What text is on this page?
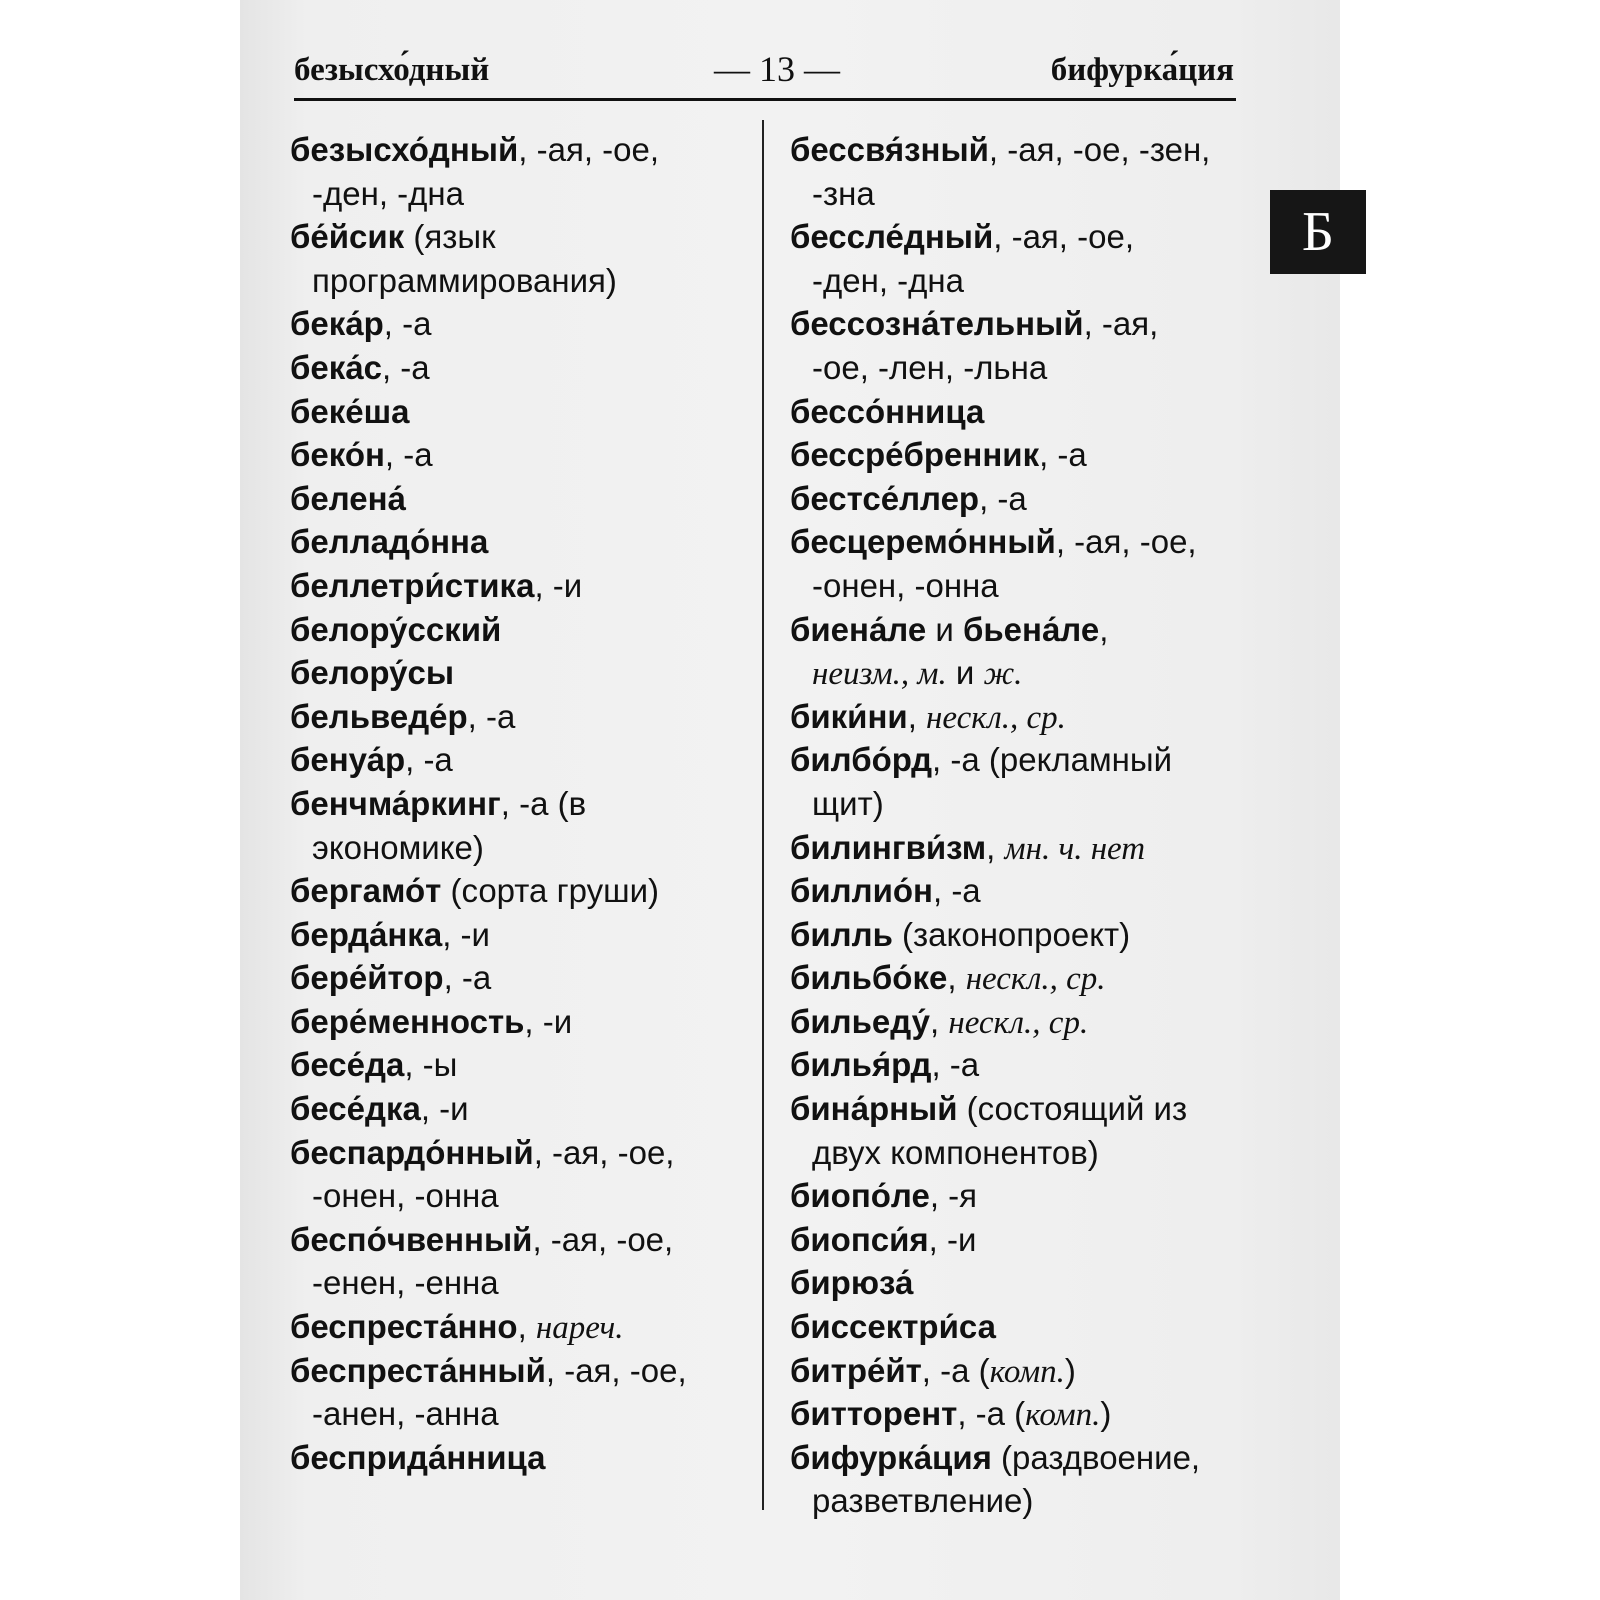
безысхо́дный	— 13 —	бифурка́ция
Б
безысхо́дный, -ая, -ое,
-ден, -дна
бе́йсик (язык
программирования)
бека́р, -а
бека́с, -а
беке́ша
беко́н, -а
белена́
белладо́нна
беллетри́стика, -и
белору́сский
белору́сы
бельведе́р, -а
бенуа́р, -а
бенчма́ркинг, -а (в
экономике)
бергамо́т (сорта груши)
берда́нка, -и
бере́йтор, -а
бере́менность, -и
бесе́да, -ы
бесе́дка, -и
беспардо́нный, -ая, -ое,
-онен, -онна
беспо́чвенный, -ая, -ое,
-енен, -енна
беспреста́нно, нареч.
беспреста́нный, -ая, -ое,
-анен, -анна
бесприда́нница
бессвя́зный, -ая, -ое, -зен,
-зна
бессле́дный, -ая, -ое,
-ден, -дна
бессозна́тельный, -ая,
-ое, -лен, -льна
бессо́нница
бессре́бренник, -а
бестсе́ллер, -а
бесцеремо́нный, -ая, -ое,
-онен, -онна
биена́ле и бьена́ле,
неизм., м. и ж.
бики́ни, нескл., ср.
билбо́рд, -а (рекламный
щит)
билингви́зм, мн. ч. нет
биллио́н, -а
билль (законопроект)
бильбо́ке, нескл., ср.
бильеду́, нескл., ср.
билья́рд, -а
бина́рный (состоящий из
двух компонентов)
биопо́ле, -я
биопси́я, -и
бирюза́
биссектри́са
битре́йт, -а (комп.)
битторент, -а (комп.)
бифурка́ция (раздвоение,
разветвление)
